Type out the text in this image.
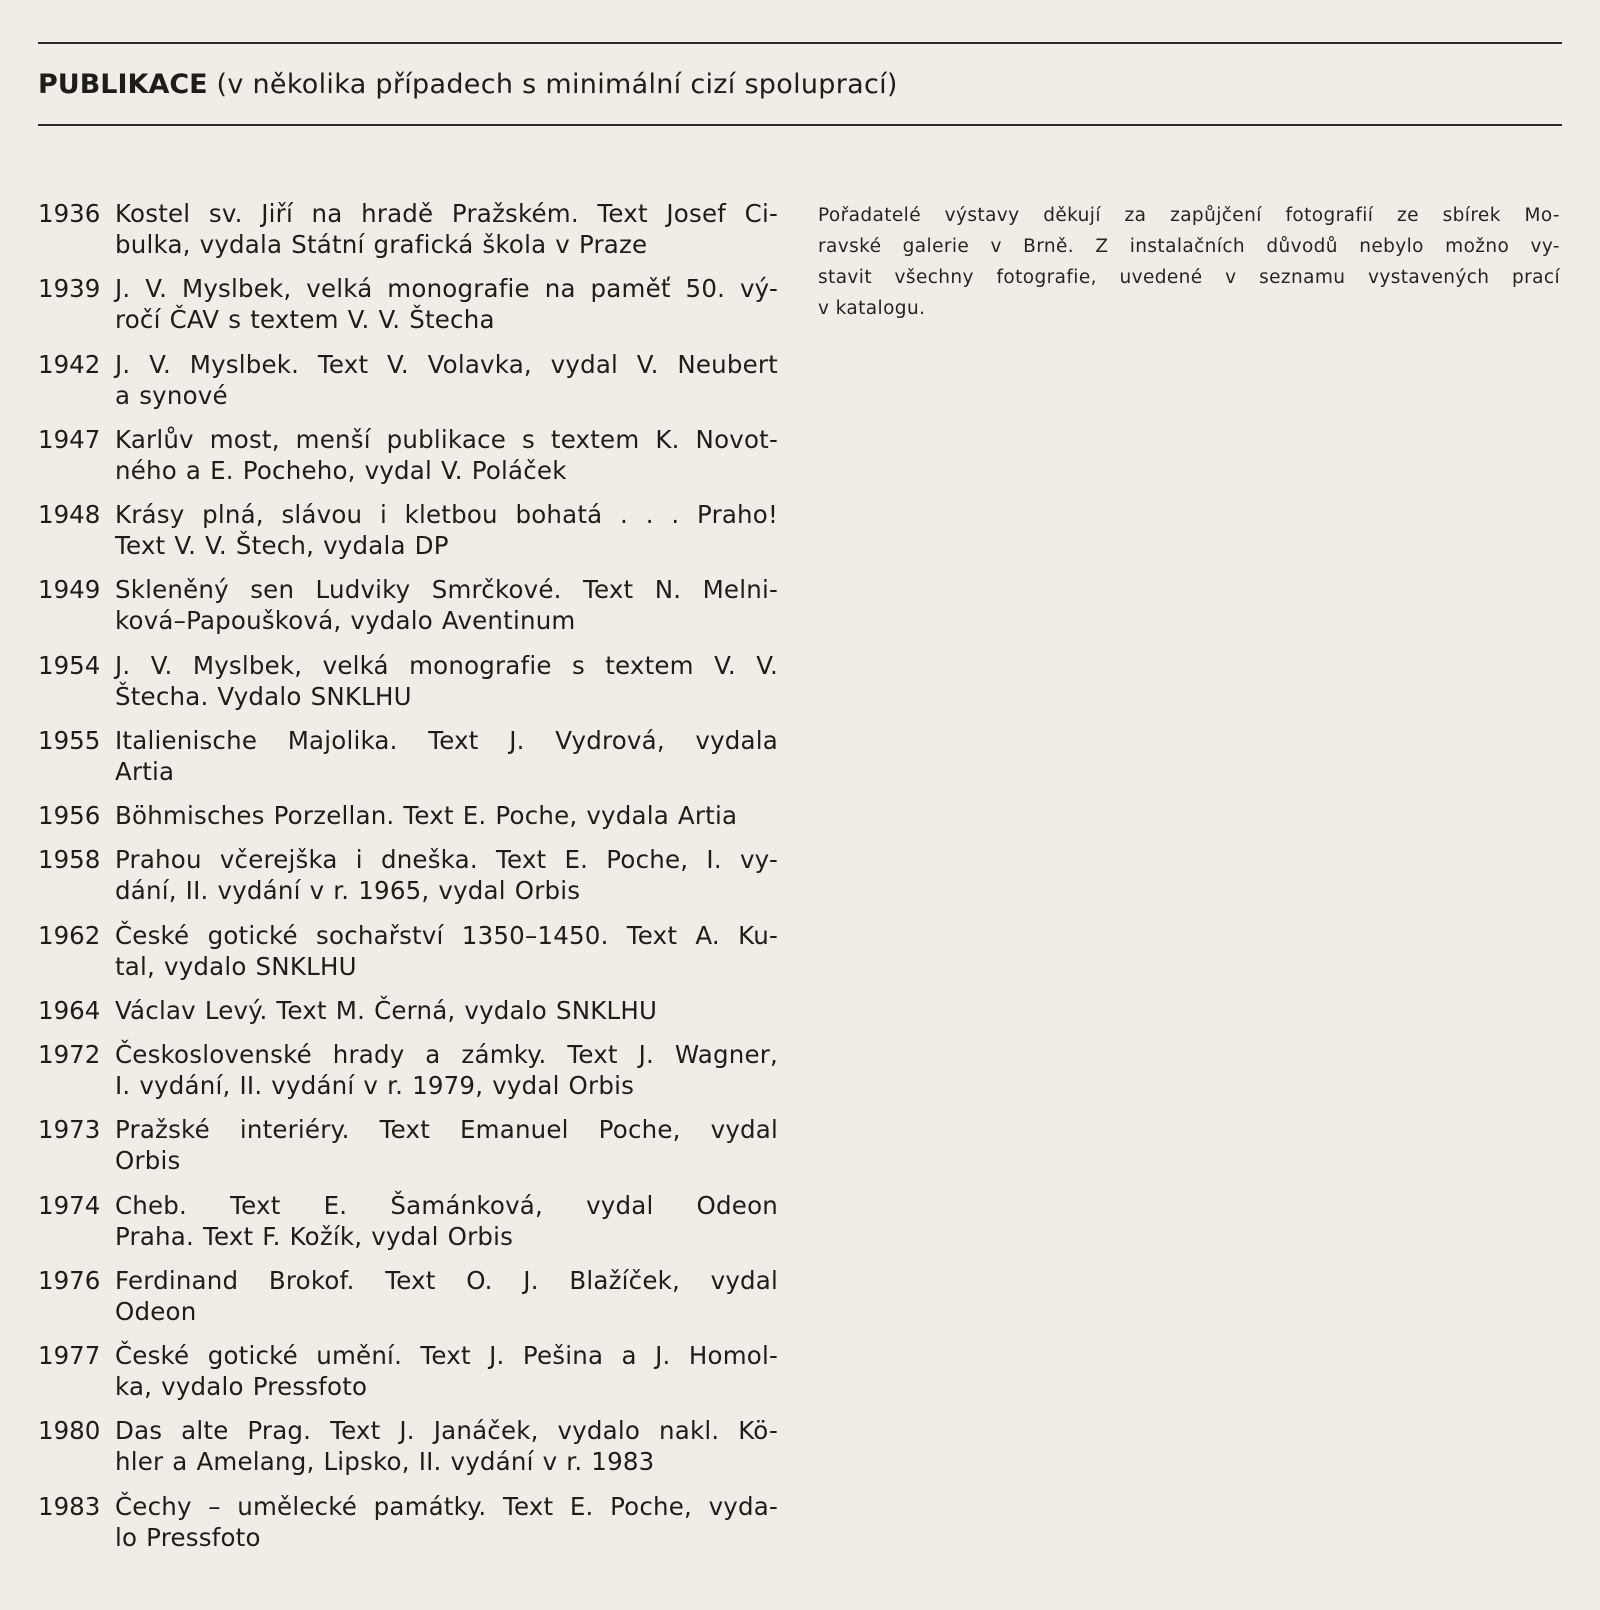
PUBLIKACE (v několika případech s minimální cizí spoluprací)
1936 Kostel sv. Jiří na hradě Pražském. Text Josef Ci-
bulka, vydala Státní grafická škola v Praze
1939 J. V. Myslbek, velká monografie na paměť 50. vý-
ročí ČAV s textem V. V. Štecha
1942 J. V. Myslbek. Text V. Volavka, vydal V. Neubert
a synové
1947 Karlův most, menší publikace s textem K. Novot-
ného a E. Pocheho, vydal V. Poláček
1948 Krásy plná, slávou i kletbou bohatá . . . Praho!
Text V. V. Štech, vydala DP
1949 Skleněný sen Ludviky Smrčkové. Text N. Melni-
ková–Papoušková, vydalo Aventinum
1954 J. V. Myslbek, velká monografie s textem V. V.
Štecha. Vydalo SNKLHU
1955 Italienische Majolika. Text J. Vydrová, vydala
Artia
1956 Böhmisches Porzellan. Text E. Poche, vydala Artia
1958 Prahou včerejška i dneška. Text E. Poche, I. vy-
dání, II. vydání v r. 1965, vydal Orbis
1962 České gotické sochařství 1350–1450. Text A. Ku-
tal, vydalo SNKLHU
1964 Václav Levý. Text M. Černá, vydalo SNKLHU
1972 Československé hrady a zámky. Text J. Wagner,
I. vydání, II. vydání v r. 1979, vydal Orbis
1973 Pražské interiéry. Text Emanuel Poche, vydal
Orbis
1974 Cheb. Text E. Šamánková, vydal Odeon
Praha. Text F. Kožík, vydal Orbis
1976 Ferdinand Brokof. Text O. J. Blažíček, vydal
Odeon
1977 České gotické umění. Text J. Pešina a J. Homol-
ka, vydalo Pressfoto
1980 Das alte Prag. Text J. Janáček, vydalo nakl. Kö-
hler a Amelang, Lipsko, II. vydání v r. 1983
1983 Čechy – umělecké památky. Text E. Poche, vyda-
lo Pressfoto

Pořadatelé výstavy děkují za zapůjčení fotografií ze sbírek Mo-
ravské galerie v Brně. Z instalačních důvodů nebylo možno vy-
stavit všechny fotografie, uvedené v seznamu vystavených prací
v katalogu.
